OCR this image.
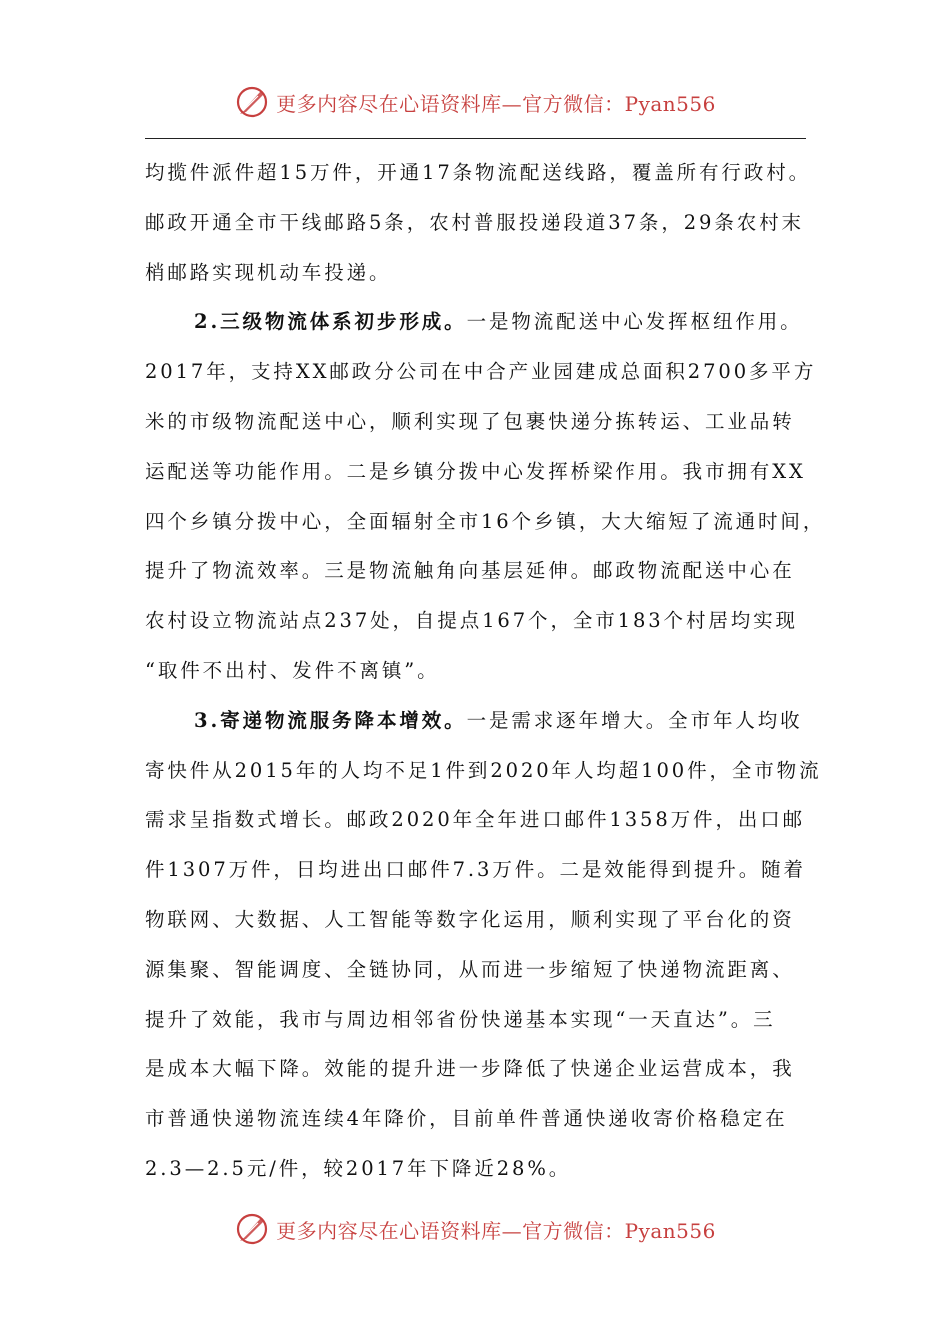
更多内容尽在心语资料库—官方微信：Pyan556
均揽件派件超15万件，开通17条物流配送线路，覆盖所有行政村。
邮政开通全市干线邮路5条，农村普服投递段道37条，29条农村末
梢邮路实现机动车投递。
2.三级物流体系初步形成。一是物流配送中心发挥枢纽作用。
2017年，支持XX邮政分公司在中合产业园建成总面积2700多平方
米的市级物流配送中心，顺利实现了包裹快递分拣转运、工业品转
运配送等功能作用。二是乡镇分拨中心发挥桥梁作用。我市拥有XX
四个乡镇分拨中心，全面辐射全市16个乡镇，大大缩短了流通时间，
提升了物流效率。三是物流触角向基层延伸。邮政物流配送中心在
农村设立物流站点237处，自提点167个，全市183个村居均实现
“取件不出村、发件不离镇”。
3.寄递物流服务降本增效。一是需求逐年增大。全市年人均收
寄快件从2015年的人均不足1件到2020年人均超100件，全市物流
需求呈指数式增长。邮政2020年全年进口邮件1358万件，出口邮
件1307万件，日均进出口邮件7.3万件。二是效能得到提升。随着
物联网、大数据、人工智能等数字化运用，顺利实现了平台化的资
源集聚、智能调度、全链协同，从而进一步缩短了快递物流距离、
提升了效能，我市与周边相邻省份快递基本实现“一天直达”。三
是成本大幅下降。效能的提升进一步降低了快递企业运营成本，我
市普通快递物流连续4年降价，目前单件普通快递收寄价格稳定在
2.3—2.5元/件，较2017年下降近28%。
更多内容尽在心语资料库—官方微信：Pyan556
